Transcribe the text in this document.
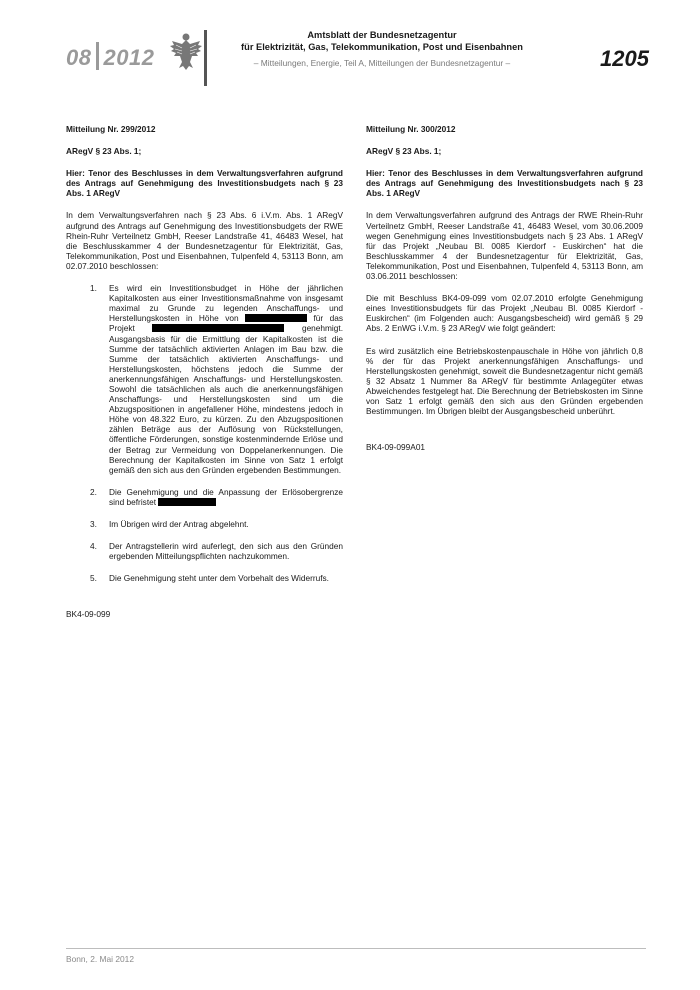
08 2012
Amtsblatt der Bundesnetzagentur
für Elektrizität, Gas, Telekommunikation, Post und Eisenbahnen
– Mitteilungen, Energie, Teil A, Mitteilungen der Bundesnetzagentur –	1205

Mitteilung Nr. 299/2012

ARegV § 23 Abs. 1;

Hier: Tenor des Beschlusses in dem Verwaltungsverfahren aufgrund des Antrags auf Genehmigung des Investitionsbudgets nach § 23 Abs. 1 ARegV

In dem Verwaltungsverfahren nach § 23 Abs. 6 i.V.m. Abs. 1 ARegV aufgrund des Antrags auf Genehmigung des Investitionsbudgets der RWE Rhein-Ruhr Verteilnetz GmbH, Reeser Landstraße 41, 46483 Wesel, hat die Beschlusskammer 4 der Bundesnetzagentur für Elektrizität, Gas, Telekommunikation, Post und Eisenbahnen, Tulpenfeld 4, 53113 Bonn, am 02.07.2010 beschlossen:

1. Es wird ein Investitionsbudget in Höhe der jährlichen Kapitalkosten aus einer Investitionsmaßnahme von insgesamt maximal zu Grunde zu legenden Anschaffungs- und Herstellungskosten in Höhe von	für das Projekt	genehmigt. Ausgangsbasis für die Ermittlung der Kapitalkosten ist die Summe der tatsächlich aktivierten Anlagen im Bau bzw. die Summe der tatsächlich aktivierten Anschaffungs- und Herstellungskosten, höchstens jedoch die Summe der anerkennungsfähigen Anschaffungs- und Herstellungskosten. Sowohl die tatsächlichen als auch die anerkennungsfähigen Anschaffungs- und Herstellungskosten sind um die Abzugspositionen in angefallener Höhe, mindestens jedoch in Höhe von 48.322 Euro, zu kürzen. Zu den Abzugspositionen zählen Beträge aus der Auflösung von Rückstellungen, öffentliche Förderungen, sonstige kostenmindernde Erlöse und der Betrag zur Vermeidung von Doppelanerkennungen. Die Berechnung der Kapitalkosten im Sinne von Satz 1 erfolgt gemäß den sich aus den Gründen ergebenden Bestimmungen.
2. Die Genehmigung und die Anpassung der Erlösobergrenze sind befristet
3. Im Übrigen wird der Antrag abgelehnt.
4. Der Antragstellerin wird auferlegt, den sich aus den Gründen ergebenden Mitteilungspflichten nachzukommen.
5. Die Genehmigung steht unter dem Vorbehalt des Widerrufs.

BK4-09-099

Mitteilung Nr. 300/2012

ARegV § 23 Abs. 1;

Hier: Tenor des Beschlusses in dem Verwaltungsverfahren aufgrund des Antrags auf Genehmigung des Investitionsbudgets nach § 23 Abs. 1 ARegV

In dem Verwaltungsverfahren aufgrund des Antrags der RWE Rhein-Ruhr Verteilnetz GmbH, Reeser Landstraße 41, 46483 Wesel, vom 30.06.2009 wegen Genehmigung eines Investitionsbudgets nach § 23 Abs. 1 ARegV für das Projekt „Neubau Bl. 0085 Kierdorf - Euskirchen“ hat die Beschlusskammer 4 der Bundesnetzagentur für Elektrizität, Gas, Telekommunikation, Post und Eisenbahnen, Tulpenfeld 4, 53113 Bonn, am 03.06.2011 beschlossen:

Die mit Beschluss BK4-09-099 vom 02.07.2010 erfolgte Genehmigung eines Investitionsbudgets für das Projekt „Neubau Bl. 0085 Kierdorf - Euskirchen“ (im Folgenden auch: Ausgangsbescheid) wird gemäß § 29 Abs. 2 EnWG i.V.m. § 23 ARegV wie folgt geändert:

Es wird zusätzlich eine Betriebskostenpauschale in Höhe von jährlich 0,8 % der für das Projekt anerkennungsfähigen Anschaffungs- und Herstellungskosten genehmigt, soweit die Bundesnetzagentur nicht gemäß § 32 Absatz 1 Nummer 8a ARegV für bestimmte Anlagegüter etwas Abweichendes festgelegt hat. Die Berechnung der Betriebskosten im Sinne von Satz 1 erfolgt gemäß den sich aus den Gründen ergebenden Bestimmungen. Im Übrigen bleibt der Ausgangsbescheid unberührt.

BK4-09-099A01

Bonn, 2. Mai 2012
